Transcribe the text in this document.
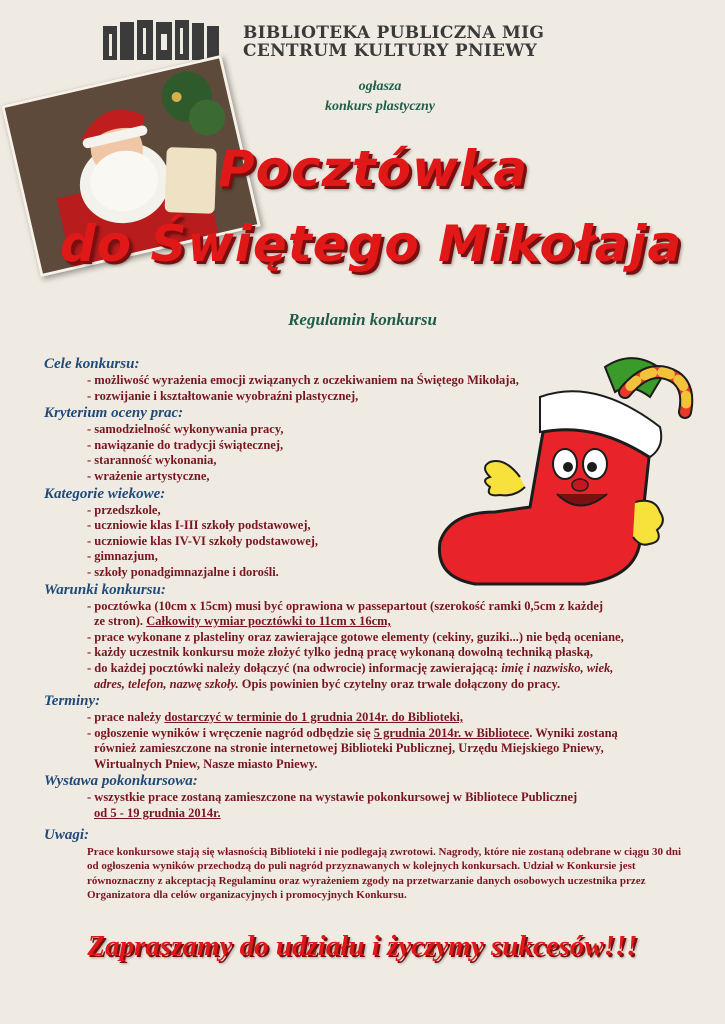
BIBLIOTEKA PUBLICZNA MIG
CENTRUM KULTURY PNIEWY
ogłasza
konkurs plastyczny
Pocztówka
do Świętego Mikołaja
Regulamin konkursu
Cele konkursu:
- możliwość wyrażenia emocji związanych z oczekiwaniem na Świętego Mikołaja,
- rozwijanie i kształtowanie wyobraźni plastycznej,
Kryterium oceny prac:
- samodzielność wykonywania pracy,
- nawiązanie do tradycji świątecznej,
- staranność wykonania,
- wrażenie artystyczne,
Kategorie wiekowe:
- przedszkole,
- uczniowie klas I-III szkoły podstawowej,
- uczniowie klas IV-VI szkoły podstawowej,
- gimnazjum,
- szkoły ponadgimnazjalne i dorośli.
Warunki konkursu:
- pocztówka (10cm x 15cm) musi być oprawiona w passepartout (szerokość ramki 0,5cm z każdej
ze stron). Całkowity wymiar pocztówki to 11cm x 16cm,
- prace wykonane z plasteliny oraz zawierające gotowe elementy (cekiny, guziki...) nie będą oceniane,
- każdy uczestnik konkursu może złożyć tylko jedną pracę wykonaną dowolną techniką płaską,
- do każdej pocztówki należy dołączyć (na odwrocie) informację zawierającą: imię i nazwisko, wiek,
adres, telefon, nazwę szkoły. Opis powinien być czytelny oraz trwale dołączony do pracy.
Terminy:
- prace należy dostarczyć w terminie do 1 grudnia 2014r. do Biblioteki,
- ogłoszenie wyników i wręczenie nagród odbędzie się 5 grudnia 2014r. w Bibliotece. Wyniki zostaną
również zamieszczone na stronie internetowej Biblioteki Publicznej, Urzędu Miejskiego Pniewy,
Wirtualnych Pniew, Nasze miasto Pniewy.
Wystawa pokonkursowa:
- wszystkie prace zostaną zamieszczone na wystawie pokonkursowej w Bibliotece Publicznej
od 5 - 19 grudnia 2014r.
Uwagi:
Prace konkursowe stają się własnością Biblioteki i nie podlegają zwrotowi. Nagrody, które nie zostaną odebrane w ciągu 30 dni od ogłoszenia wyników przechodzą do puli nagród przyznawanych w kolejnych konkursach. Udział w Konkursie jest równoznaczny z akceptacją Regulaminu oraz wyrażeniem zgody na przetwarzanie danych osobowych uczestnika przez Organizatora dla celów organizacyjnych i promocyjnych Konkursu.
Zapraszamy do udziału i życzymy sukcesów!!!
